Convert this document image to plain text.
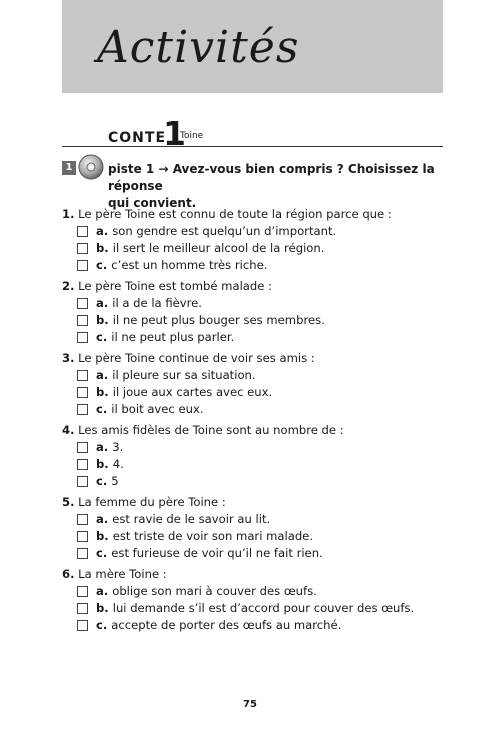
Activités
CONTE
1
Toine
1	piste 1 → Avez-vous bien compris ? Choisissez la réponse
qui convient.
1. Le père Toine est connu de toute la région parce que :
a. son gendre est quelqu’un d’important.
b. il sert le meilleur alcool de la région.
c. c’est un homme très riche.
2. Le père Toine est tombé malade :
a. il a de la fièvre.
b. il ne peut plus bouger ses membres.
c. il ne peut plus parler.
3. Le père Toine continue de voir ses amis :
a. il pleure sur sa situation.
b. il joue aux cartes avec eux.
c. il boit avec eux.
4. Les amis fidèles de Toine sont au nombre de :
a. 3.
b. 4.
c. 5
5. La femme du père Toine :
a. est ravie de le savoir au lit.
b. est triste de voir son mari malade.
c. est furieuse de voir qu’il ne fait rien.
6. La mère Toine :
a. oblige son mari à couver des œufs.
b. lui demande s’il est d’accord pour couver des œufs.
c. accepte de porter des œufs au marché.
75
